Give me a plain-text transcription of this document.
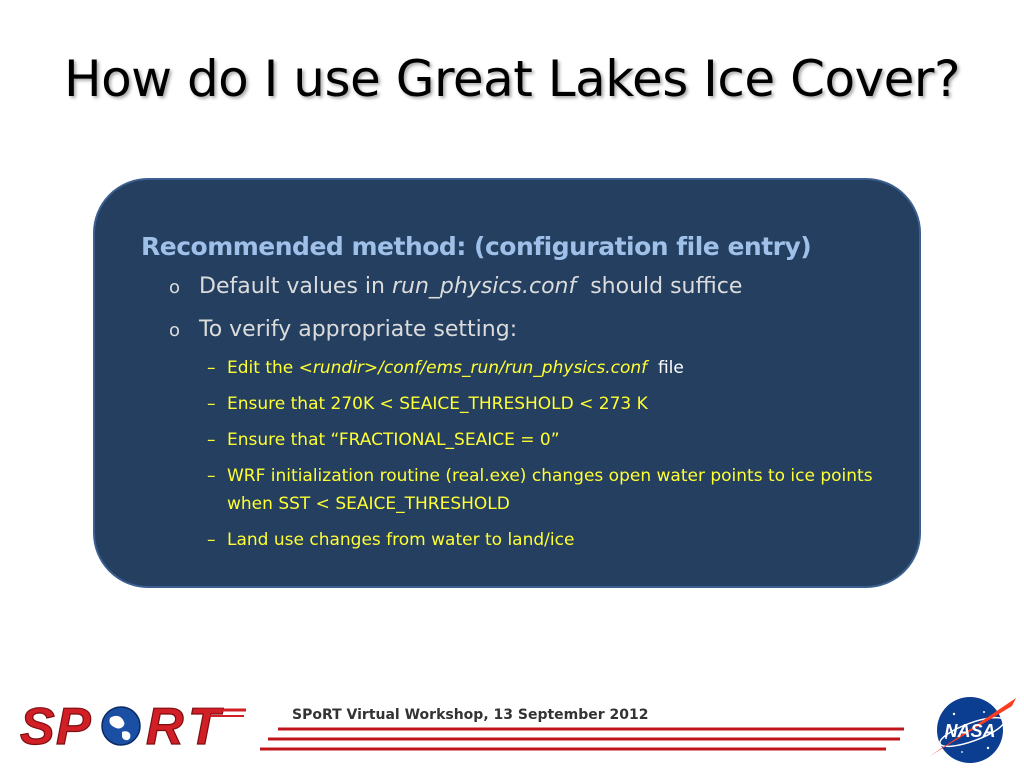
How do I use Great Lakes Ice Cover?
Recommended method: (configuration file entry)
o Default values in run_physics.conf  should suffice
o To verify appropriate setting:
– Edit the <rundir>/conf/ems_run/run_physics.conf  file
– Ensure that 270K < SEAICE_THRESHOLD < 273 K
– Ensure that “FRACTIONAL_SEAICE = 0”
– WRF initialization routine (real.exe) changes open water points to ice points when SST < SEAICE_THRESHOLD
– Land use changes from water to land/ice
S P R T	SPoRT Virtual Workshop, 13 September 2012
NASA
